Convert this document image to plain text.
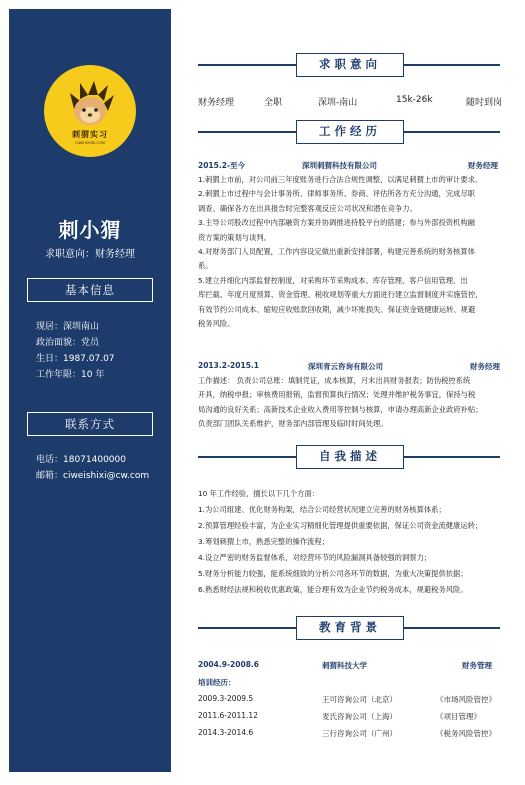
刺猬实习
CIWEISHIXI.COM
刺小猬
求职意向：财务经理
基本信息
现居：深圳南山
政治面貌：党员
生日：1987.07.07
工作年限：10 年
联系方式
电话：18071400000
邮箱：ciweishixi@cw.com
求职意向
财务经理	全职	深圳-南山	15k-26k	随时到岗
工作经历
2015.2-至今	深圳刺猬科技有限公司	财务经理

1.刺猬上市前，对公司前三年度账务进行合法合规性调整，以满足刺猬上市的审计要求。

2.刺猬上市过程中与会计事务所、律师事务所、券商、评估所各方充分沟通，完成尽职

调查、确保各方在出具报告时完整客观反应公司状况和潜在竞争力。

3.主导公司股改过程中内部融资方案并协调推进持股平台的搭建；参与外部投资机构融

资方案的策划与谈判。

4.对财务部门人员配置，工作内容设定做出重新安排部署，构建完善系统的财务核算体

系。

5.建立并细化内部监督控制度，对采购环节采购成本、库存管理、客户信用管理、出

库拦截、年度月度预算、资金管理、税收规划等重大方面进行建立监督制度并实施管控，

有效节约公司成本、缩短应收账款回收期，减少坏账损失、保证资金链健康运转、规避

税务风险。

2013.2-2015.1	深圳青云咨询有限公司	财务经理

工作描述： 负责公司总账：填制凭证，成本核算，月末出具财务报表；防伪税控系统

开具，纳税申报；审核费用报销，监督预算执行情况；处理并维护税务事宜，保持与税

局沟通的良好关系；高新技术企业收入费用等控制与核算，申请办理高新企业政府补贴；

负责部门团队关系维护，财务部内部管理及临时时间处理。

自我描述

10 年工作经验，擅长以下几个方面：

1.为公司组建、优化财务构架，结合公司经营状况建立完善的财务核算体系；

2.预算管理经验丰富，为企业实习精细化管理提供重要依据，保证公司资金流健康运转；

3.筹划刺猬上市，熟悉完整的操作流程；

4.设立严密的财务监督体系，对经营环节的风险漏洞具备较强的洞察力；

5.财务分析能力较强，能系统细致的分析公司各环节的数据，为重大决策提供依据；

6.熟悉财经法规和税收优惠政策，能合理有效为企业节约税务成本，规避税务风险。

教育背景
2004.9-2008.6	刺猬科技大学	财务管理
培训经历：
2009.3-2009.5	王可咨询公司（北京）	《市场风险管控》
2011.6-2011.12	麦氏咨询公司（上海）	《项目管理》
2014.3-2014.6	三行咨询公司（广州）	《税务风险管控》
